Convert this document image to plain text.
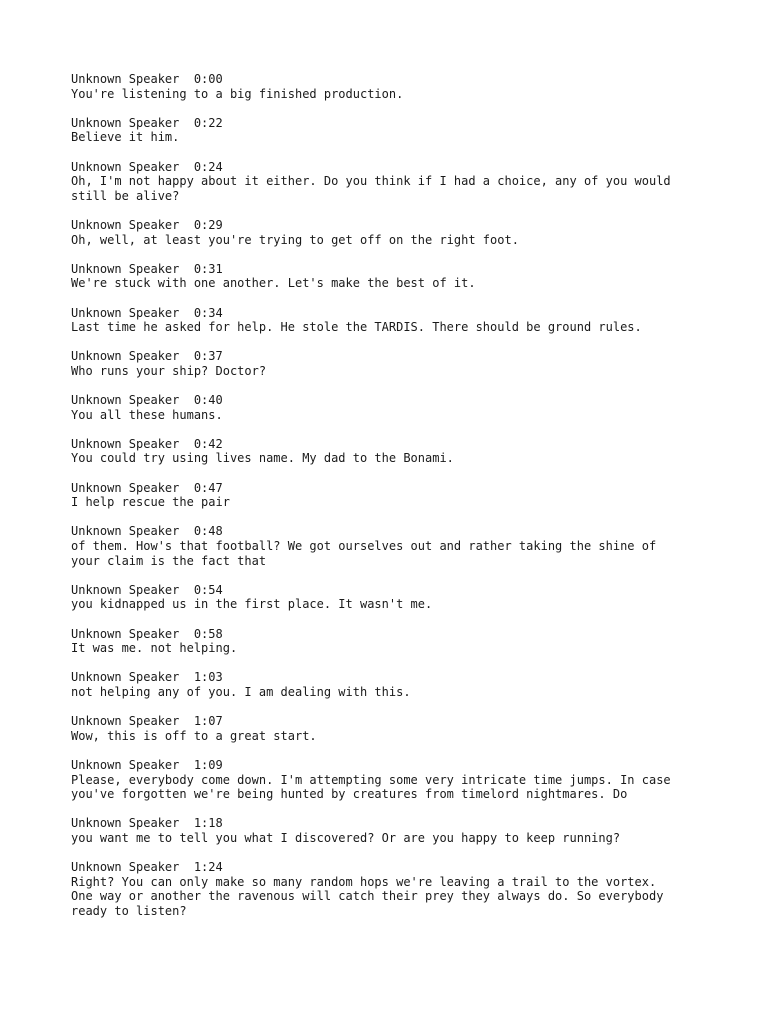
Unknown Speaker 0:00
You're listening to a big finished production.
Unknown Speaker 0:22
Believe it him.
Unknown Speaker 0:24
Oh, I'm not happy about it either. Do you think if I had a choice, any of you would
still be alive?
Unknown Speaker 0:29
Oh, well, at least you're trying to get off on the right foot.
Unknown Speaker 0:31
We're stuck with one another. Let's make the best of it.
Unknown Speaker 0:34
Last time he asked for help. He stole the TARDIS. There should be ground rules.
Unknown Speaker 0:37
Who runs your ship? Doctor?
Unknown Speaker 0:40
You all these humans.
Unknown Speaker 0:42
You could try using lives name. My dad to the Bonami.
Unknown Speaker 0:47
I help rescue the pair
Unknown Speaker 0:48
of them. How's that football? We got ourselves out and rather taking the shine of
your claim is the fact that
Unknown Speaker 0:54
you kidnapped us in the first place. It wasn't me.
Unknown Speaker 0:58
It was me. not helping.
Unknown Speaker 1:03
not helping any of you. I am dealing with this.
Unknown Speaker 1:07
Wow, this is off to a great start.
Unknown Speaker 1:09
Please, everybody come down. I'm attempting some very intricate time jumps. In case
you've forgotten we're being hunted by creatures from timelord nightmares. Do
Unknown Speaker 1:18
you want me to tell you what I discovered? Or are you happy to keep running?
Unknown Speaker 1:24
Right? You can only make so many random hops we're leaving a trail to the vortex.
One way or another the ravenous will catch their prey they always do. So everybody
ready to listen?
